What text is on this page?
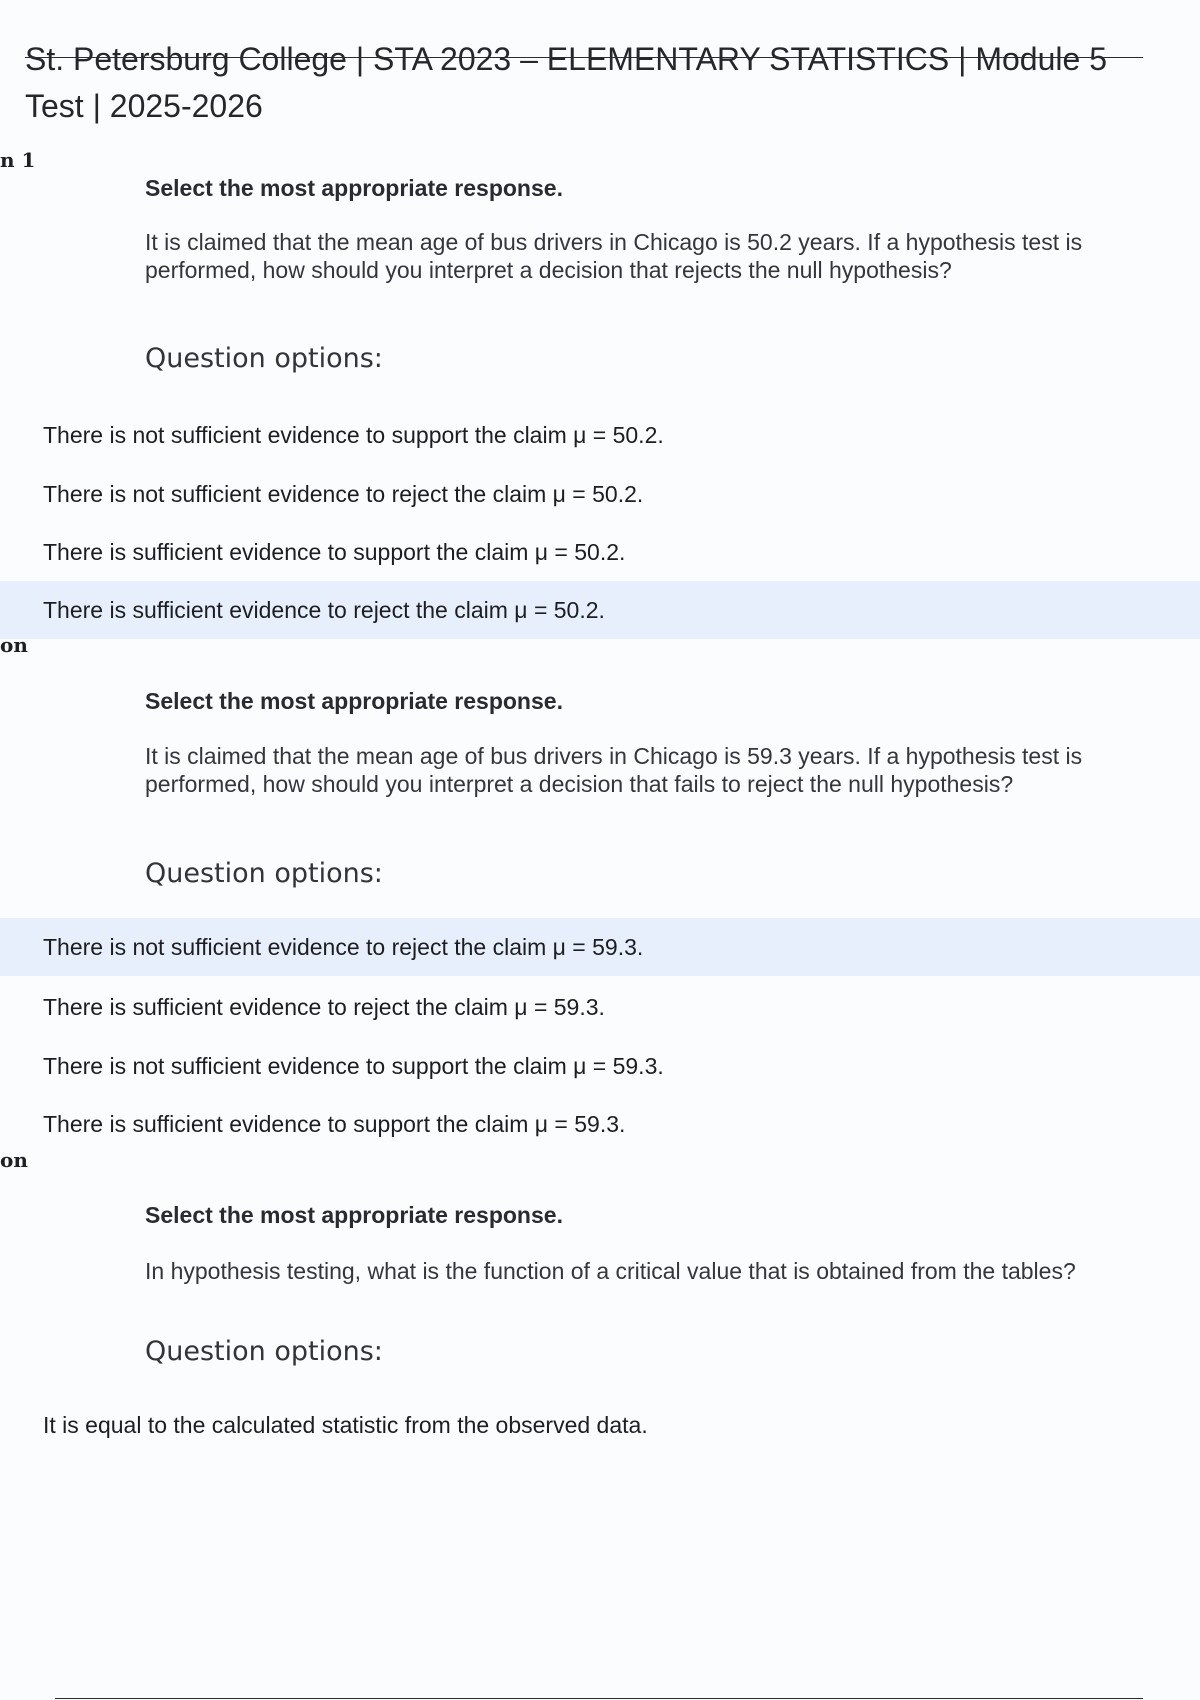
St. Petersburg College | STA 2023 – ELEMENTARY STATISTICS | Module 5 Test | 2025-2026
n 1
Select the most appropriate response.
It is claimed that the mean age of bus drivers in Chicago is 50.2 years. If a hypothesis test is performed, how should you interpret a decision that rejects the null hypothesis?
Question options:
There is not sufficient evidence to support the claim μ = 50.2.
There is not sufficient evidence to reject the claim μ = 50.2.
There is sufficient evidence to support the claim μ = 50.2.
There is sufficient evidence to reject the claim μ = 50.2.
on
Select the most appropriate response.
It is claimed that the mean age of bus drivers in Chicago is 59.3 years. If a hypothesis test is performed, how should you interpret a decision that fails to reject the null hypothesis?
Question options:
There is not sufficient evidence to reject the claim μ = 59.3.
There is sufficient evidence to reject the claim μ = 59.3.
There is not sufficient evidence to support the claim μ = 59.3.
There is sufficient evidence to support the claim μ = 59.3.
on
Select the most appropriate response.
In hypothesis testing, what is the function of a critical value that is obtained from the tables?
Question options:
It is equal to the calculated statistic from the observed data.
